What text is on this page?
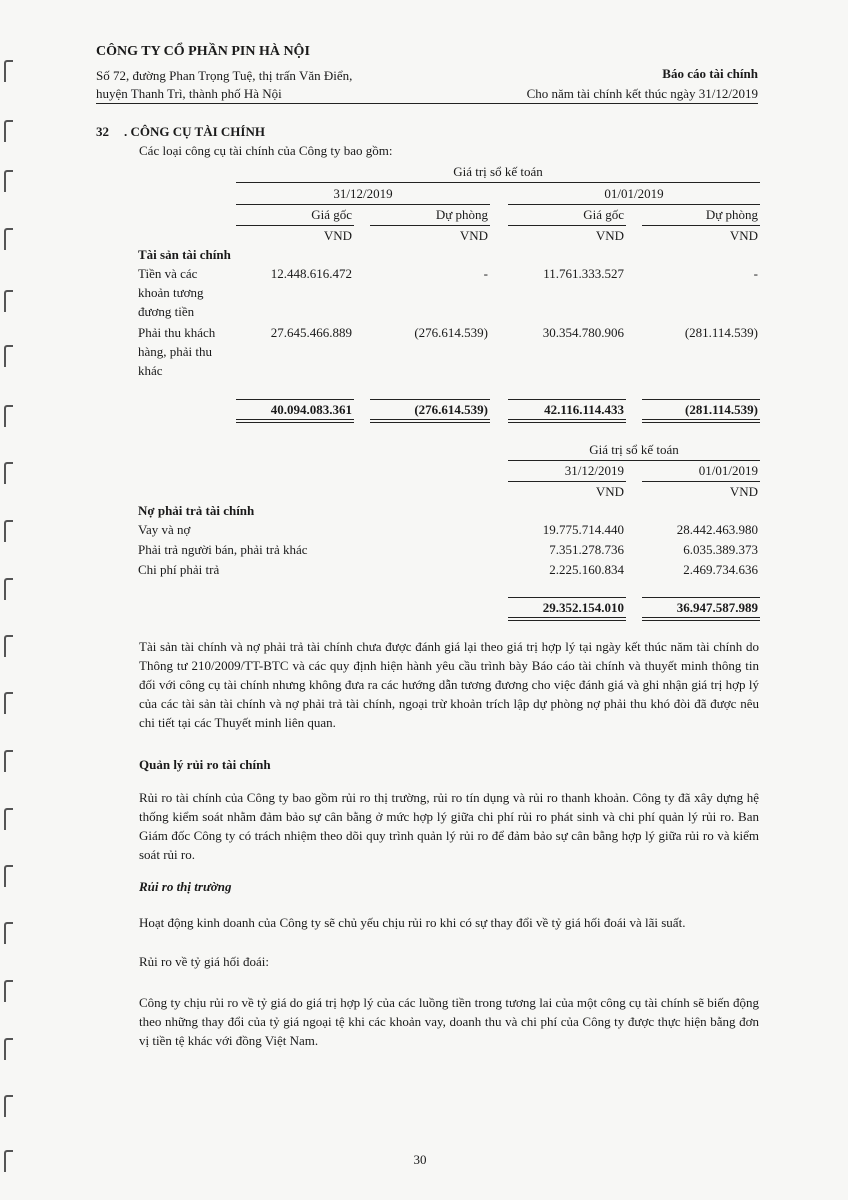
CÔNG TY CỔ PHẦN PIN HÀ NỘI
Số 72, đường Phan Trọng Tuệ, thị trấn Văn Điển,
huyện Thanh Trì, thành phố Hà Nội
Báo cáo tài chính
Cho năm tài chính kết thúc ngày 31/12/2019
32 . CÔNG CỤ TÀI CHÍNH
Các loại công cụ tài chính của Công ty bao gồm:
Giá trị sổ kế toán
31/12/2019	01/01/2019
Giá gốc	Dự phòng	Giá gốc	Dự phòng
VND	VND	VND	VND
Tài sản tài chính
Tiền và các
khoản tương
đương tiền
12.448.616.472	-	11.761.333.527	-
Phải thu khách
hàng, phải thu
khác
27.645.466.889	(276.614.539)	30.354.780.906	(281.114.539)
40.094.083.361	(276.614.539)	42.116.114.433	(281.114.539)
Giá trị sổ kế toán
31/12/2019	01/01/2019
VND	VND
Nợ phải trả tài chính
Vay và nợ	19.775.714.440	28.442.463.980
Phải trả người bán, phải trả khác	7.351.278.736	6.035.389.373
Chi phí phải trả	2.225.160.834	2.469.734.636
29.352.154.010	36.947.587.989
Tài sản tài chính và nợ phải trả tài chính chưa được đánh giá lại theo giá trị hợp lý tại ngày kết thúc năm tài chính do Thông tư 210/2009/TT-BTC và các quy định hiện hành yêu cầu trình bày Báo cáo tài chính và thuyết minh thông tin đối với công cụ tài chính nhưng không đưa ra các hướng dẫn tương đương cho việc đánh giá và ghi nhận giá trị hợp lý của các tài sản tài chính và nợ phải trả tài chính, ngoại trừ khoản trích lập dự phòng nợ phải thu khó đòi đã được nêu chi tiết tại các Thuyết minh liên quan.
Quản lý rủi ro tài chính
Rủi ro tài chính của Công ty bao gồm rủi ro thị trường, rủi ro tín dụng và rủi ro thanh khoản. Công ty đã xây dựng hệ thống kiểm soát nhằm đảm bảo sự cân bằng ở mức hợp lý giữa chi phí rủi ro phát sinh và chi phí quản lý rủi ro. Ban Giám đốc Công ty có trách nhiệm theo dõi quy trình quản lý rủi ro để đảm bảo sự cân bằng hợp lý giữa rủi ro và kiểm soát rủi ro.
Rủi ro thị trường
Hoạt động kinh doanh của Công ty sẽ chủ yếu chịu rủi ro khi có sự thay đổi về tỷ giá hối đoái và lãi suất.
Rủi ro về tỷ giá hối đoái:
Công ty chịu rủi ro về tỷ giá do giá trị hợp lý của các luồng tiền trong tương lai của một công cụ tài chính sẽ biến động theo những thay đổi của tỷ giá ngoại tệ khi các khoản vay, doanh thu và chi phí của Công ty được thực hiện bằng đơn vị tiền tệ khác với đồng Việt Nam.
30
